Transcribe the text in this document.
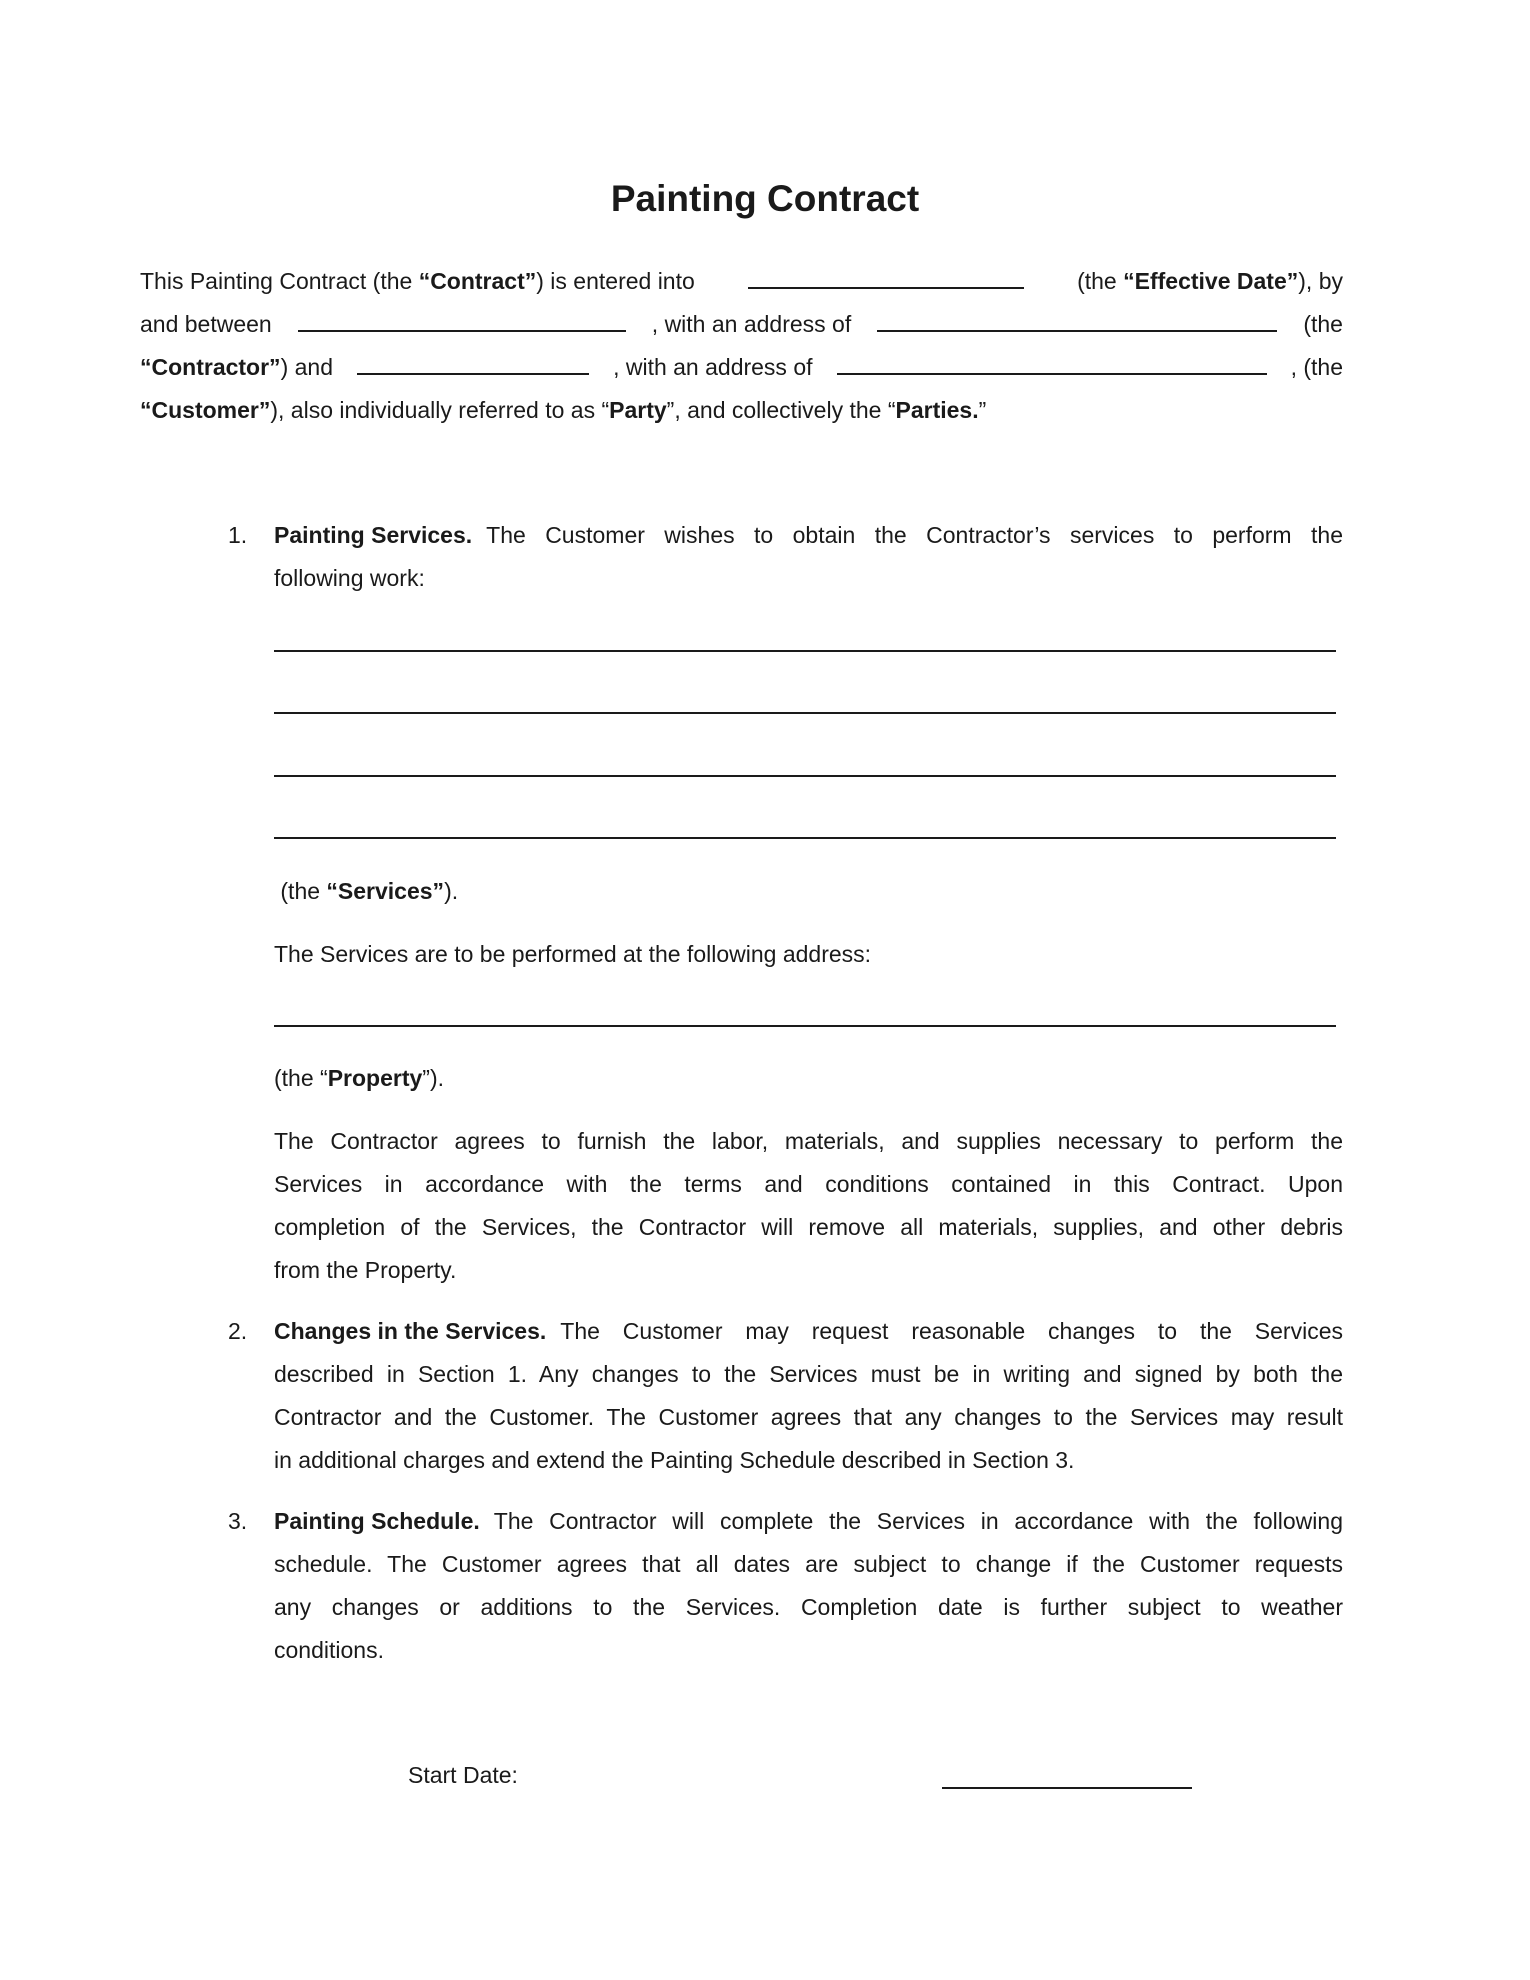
Painting Contract
This Painting Contract (the “Contract”) is entered into	(the “Effective Date”), by
and between	, with an address of	(the
“Contractor”) and	, with an address of	, (the
“Customer”), also individually referred to as “Party”, and collectively the “Parties.”
1.	Painting Services. The Customer wishes to obtain the Contractor’s services to perform the
following work:
(the “Services”).
The Services are to be performed at the following address:
(the “Property”).
The Contractor agrees to furnish the labor, materials, and supplies necessary to perform the
Services in accordance with the terms and conditions contained in this Contract. Upon
completion of the Services, the Contractor will remove all materials, supplies, and other debris
from the Property.
2.	Changes in the Services. The Customer may request reasonable changes to the Services
described in Section 1. Any changes to the Services must be in writing and signed by both the
Contractor and the Customer. The Customer agrees that any changes to the Services may result
in additional charges and extend the Painting Schedule described in Section 3.
3.	Painting Schedule. The Contractor will complete the Services in accordance with the following
schedule. The Customer agrees that all dates are subject to change if the Customer requests
any changes or additions to the Services. Completion date is further subject to weather
conditions.
Start Date:
